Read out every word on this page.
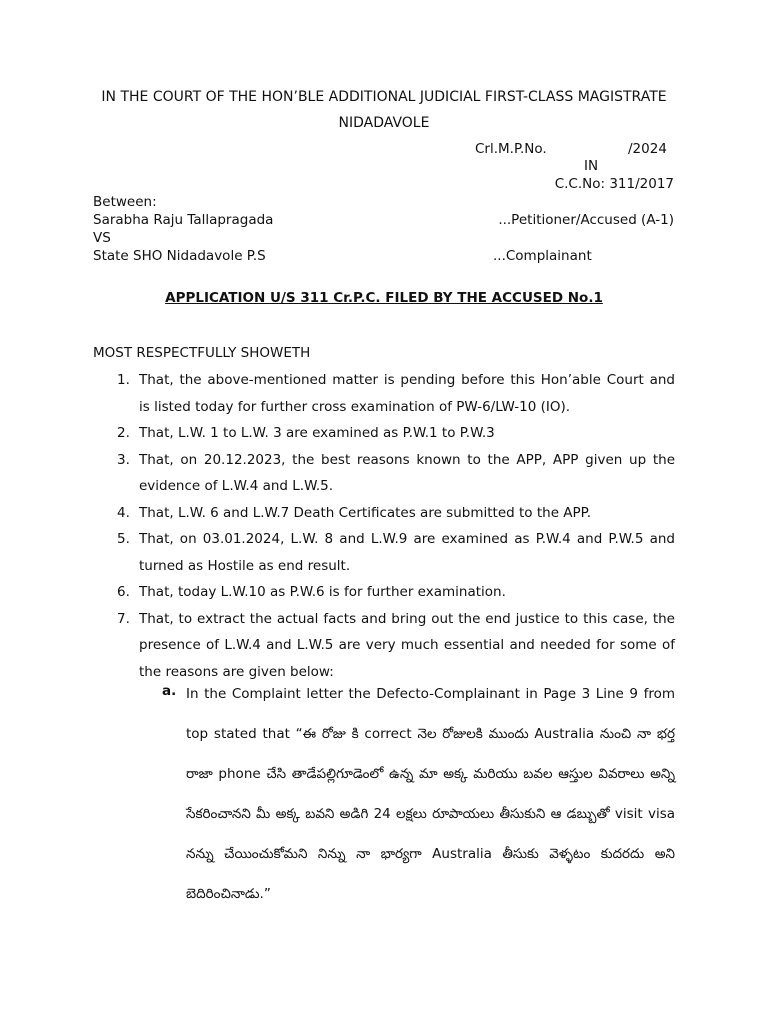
IN THE COURT OF THE HON’BLE ADDITIONAL JUDICIAL FIRST-CLASS MAGISTRATE
NIDADAVOLE
Crl.M.P.No.	/2024
IN
C.C.No: 311/2017
Between:
Sarabha Raju Tallapragada	...Petitioner/Accused (A-1)
VS
State SHO Nidadavole P.S	...Complainant
APPLICATION U/S 311 Cr.P.C. FILED BY THE ACCUSED No.1
MOST RESPECTFULLY SHOWETH
1. That, the above-mentioned matter is pending before this Hon’able Court and is listed today for further cross examination of PW-6/LW-10 (IO).

2. That, L.W. 1 to L.W. 3 are examined as P.W.1 to P.W.3

3. That, on 20.12.2023, the best reasons known to the APP, APP given up the evidence of L.W.4 and L.W.5.

4. That, L.W. 6 and L.W.7 Death Certificates are submitted to the APP.

5. That, on 03.01.2024, L.W. 8 and L.W.9 are examined as P.W.4 and P.W.5 and turned as Hostile as end result.

6. That, today L.W.10 as P.W.6 is for further examination.

7. That, to extract the actual facts and bring out the end justice to this case, the presence of L.W.4 and L.W.5 are very much essential and needed for some of the reasons are given below:

a. In the Complaint letter the Defecto-Complainant in Page 3 Line 9 from top stated that “ఈ రోజు కి correct నెల రోజులకి ముందు Australia నుంచి నా భర్త రాజా phone చేసి తాడేపల్లిగూడెంలో ఉన్న మా అక్క మరియు బవల ఆస్తుల వివరాలు అన్ని సేకరించానని మీ అక్క బవని అడిగి 24 లక్షలు రూపాయలు తీసుకుని ఆ డబ్బుతో visit visa నన్ను చేయించుకోమని నిన్ను నా భార్యగా Australia తీసుకు వెళ్ళటం కుదరదు అని బెదిరించినాడు.”
